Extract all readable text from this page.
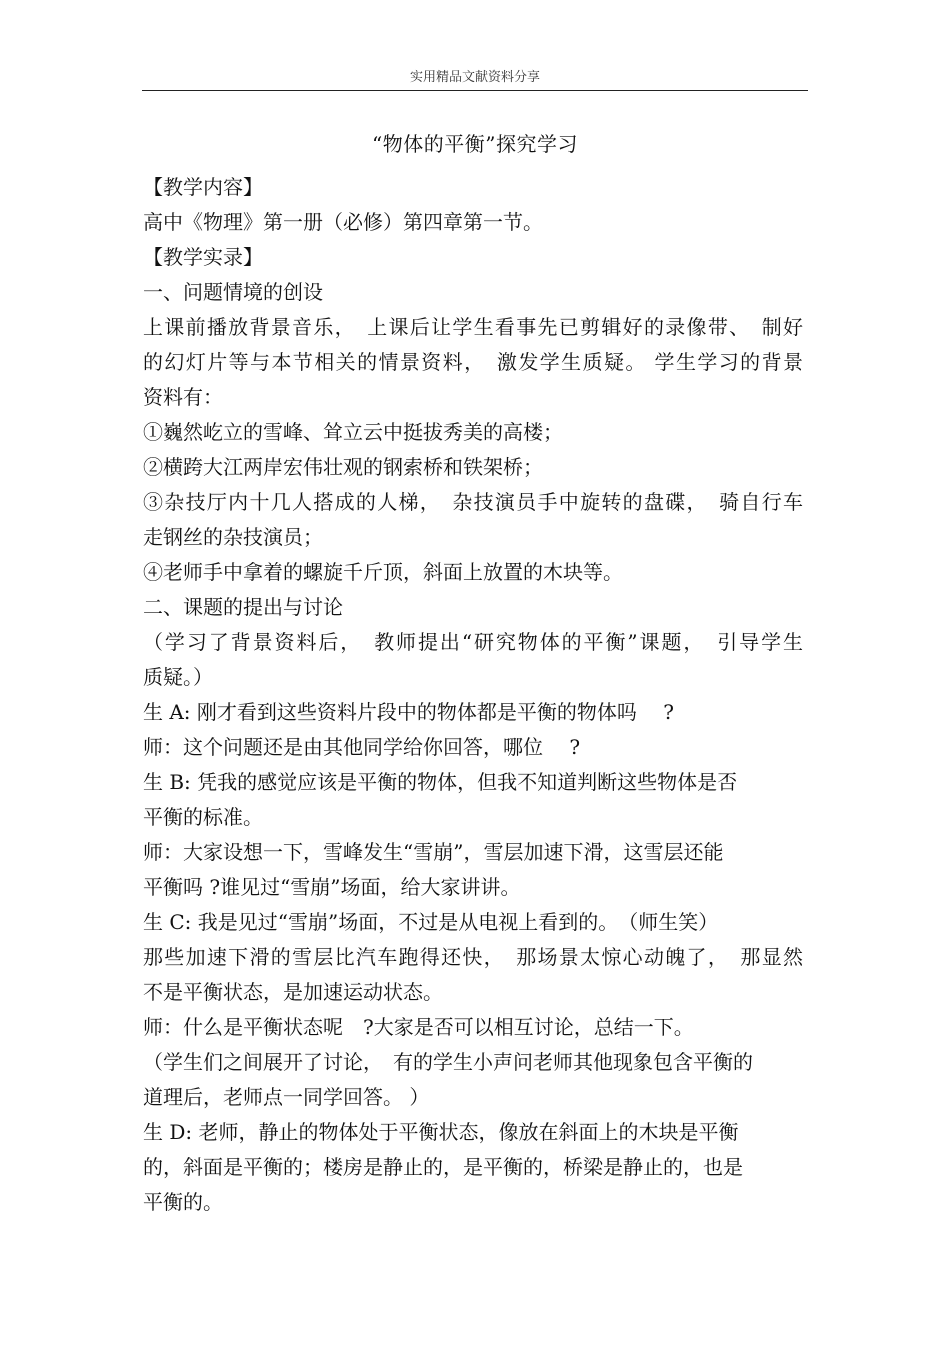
实用精品文献资料分享
“物体的平衡”探究学习

【教学内容】

高中《物理》第一册（必修）第四章第一节。

【教学实录】

一、问题情境的创设

上课前播放背景音乐，　上课后让学生看事先已剪辑好的录像带、　制好

的幻灯片等与本节相关的情景资料，　激发学生质疑。 学生学习的背景

资料有：

①巍然屹立的雪峰、耸立云中挺拔秀美的高楼；

②横跨大江两岸宏伟壮观的钢索桥和铁架桥；

③杂技厅内十几人搭成的人梯，　杂技演员手中旋转的盘碟，　骑自行车

走钢丝的杂技演员；

④老师手中拿着的螺旋千斤顶，斜面上放置的木块等。

二、课题的提出与讨论

（学习了背景资料后，　教师提出“研究物体的平衡”课题，　引导学生

质疑。）

生 A: 刚才看到这些资料片段中的物体都是平衡的物体吗　 ?

师：这个问题还是由其他同学给你回答，哪位　 ?

生 B: 凭我的感觉应该是平衡的物体，但我不知道判断这些物体是否

平衡的标准。

师：大家设想一下，雪峰发生“雪崩”，雪层加速下滑，这雪层还能

平衡吗 ?谁见过“雪崩”场面，给大家讲讲。

生 C: 我是见过“雪崩”场面，不过是从电视上看到的。　（师生笑）

那些加速下滑的雪层比汽车跑得还快，　那场景太惊心动魄了，　那显然

不是平衡状态，是加速运动状态。

师：什么是平衡状态呢　?大家是否可以相互讨论，总结一下。

（学生们之间展开了讨论，　有的学生小声问老师其他现象包含平衡的

道理后，老师点一同学回答。 ）

生 D: 老师，静止的物体处于平衡状态，像放在斜面上的木块是平衡

的，斜面是平衡的；楼房是静止的，是平衡的，桥梁是静止的，也是

平衡的。
